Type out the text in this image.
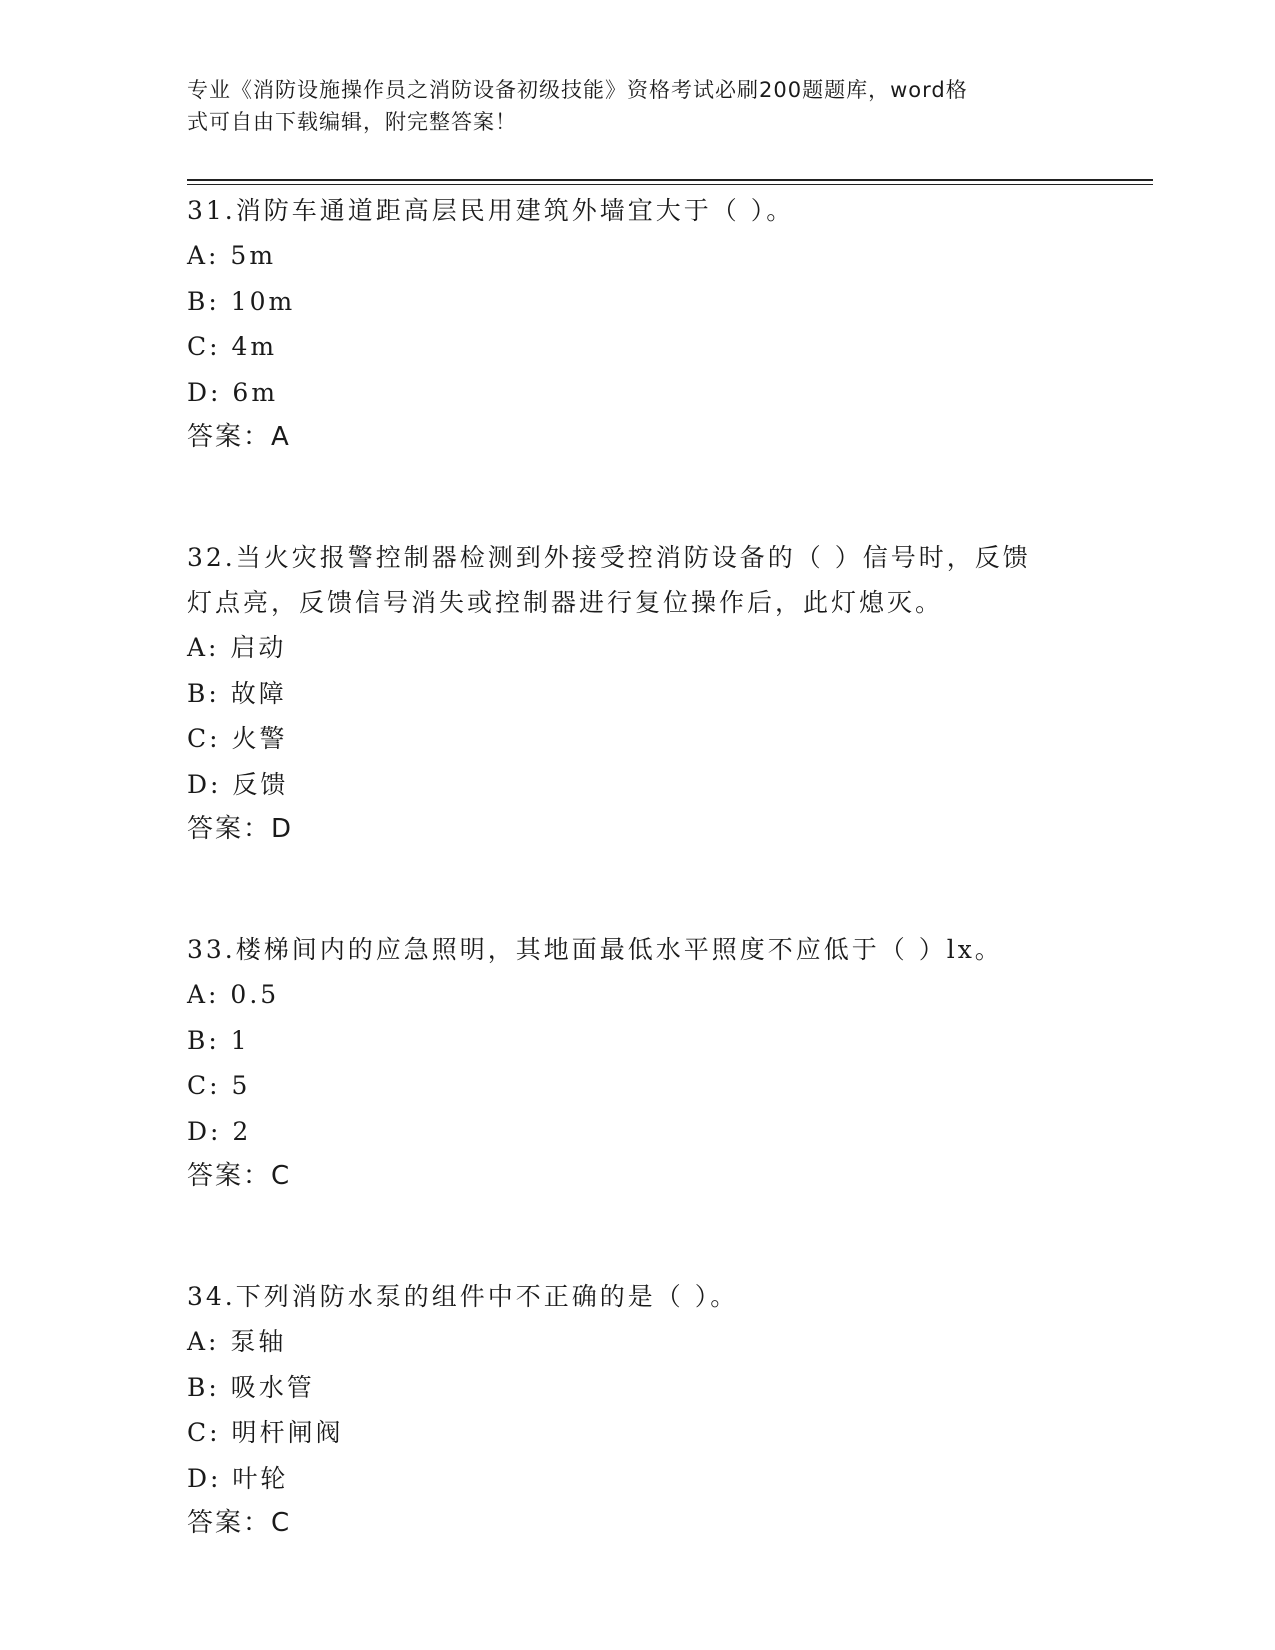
专业《消防设施操作员之消防设备初级技能》资格考试必刷200题题库，word格
式可自由下载编辑，附完整答案！

31.消防车通道距高层民用建筑外墙宜大于（ ）。

A: 5m

B: 10m

C: 4m

D: 6m

答案：A

32.当火灾报警控制器检测到外接受控消防设备的（ ）信号时，反馈

灯点亮，反馈信号消失或控制器进行复位操作后，此灯熄灭。

A: 启动

B: 故障

C: 火警

D: 反馈

答案：D

33.楼梯间内的应急照明，其地面最低水平照度不应低于（ ）lx。

A: 0.5

B: 1

C: 5

D: 2

答案：C

34.下列消防水泵的组件中不正确的是（ ）。

A: 泵轴

B: 吸水管

C: 明杆闸阀

D: 叶轮

答案：C
